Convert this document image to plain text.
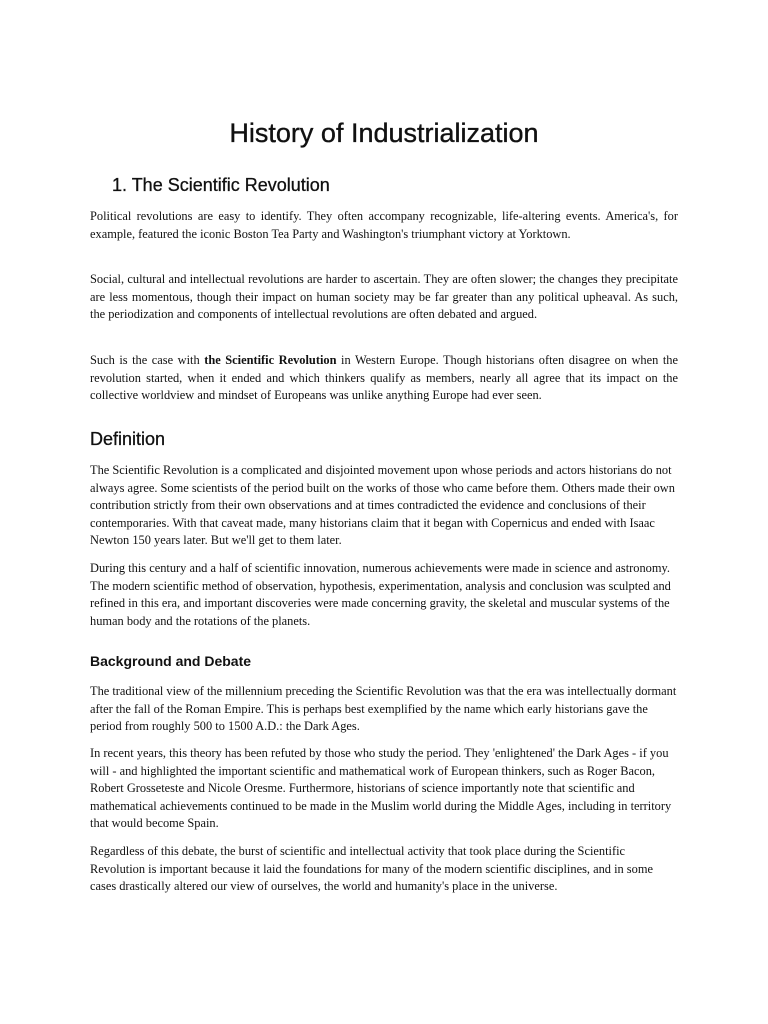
History of Industrialization
1. The Scientific Revolution

Political revolutions are easy to identify. They often accompany recognizable, life-altering events. America's, for example, featured the iconic Boston Tea Party and Washington's triumphant victory at Yorktown.

Social, cultural and intellectual revolutions are harder to ascertain. They are often slower; the changes they precipitate are less momentous, though their impact on human society may be far greater than any political upheaval. As such, the periodization and components of intellectual revolutions are often debated and argued.

Such is the case with the Scientific Revolution in Western Europe. Though historians often disagree on when the revolution started, when it ended and which thinkers qualify as members, nearly all agree that its impact on the collective worldview and mindset of Europeans was unlike anything Europe had ever seen.

Definition

The Scientific Revolution is a complicated and disjointed movement upon whose periods and actors historians do not always agree. Some scientists of the period built on the works of those who came before them. Others made their own contribution strictly from their own observations and at times contradicted the evidence and conclusions of their contemporaries. With that caveat made, many historians claim that it began with Copernicus and ended with Isaac Newton 150 years later. But we'll get to them later.

During this century and a half of scientific innovation, numerous achievements were made in science and astronomy. The modern scientific method of observation, hypothesis, experimentation, analysis and conclusion was sculpted and refined in this era, and important discoveries were made concerning gravity, the skeletal and muscular systems of the human body and the rotations of the planets.

Background and Debate

The traditional view of the millennium preceding the Scientific Revolution was that the era was intellectually dormant after the fall of the Roman Empire. This is perhaps best exemplified by the name which early historians gave the period from roughly 500 to 1500 A.D.: the Dark Ages.

In recent years, this theory has been refuted by those who study the period. They 'enlightened' the Dark Ages - if you will - and highlighted the important scientific and mathematical work of European thinkers, such as Roger Bacon, Robert Grosseteste and Nicole Oresme. Furthermore, historians of science importantly note that scientific and mathematical achievements continued to be made in the Muslim world during the Middle Ages, including in territory that would become Spain.

Regardless of this debate, the burst of scientific and intellectual activity that took place during the Scientific Revolution is important because it laid the foundations for many of the modern scientific disciplines, and in some cases drastically altered our view of ourselves, the world and humanity's place in the universe.
